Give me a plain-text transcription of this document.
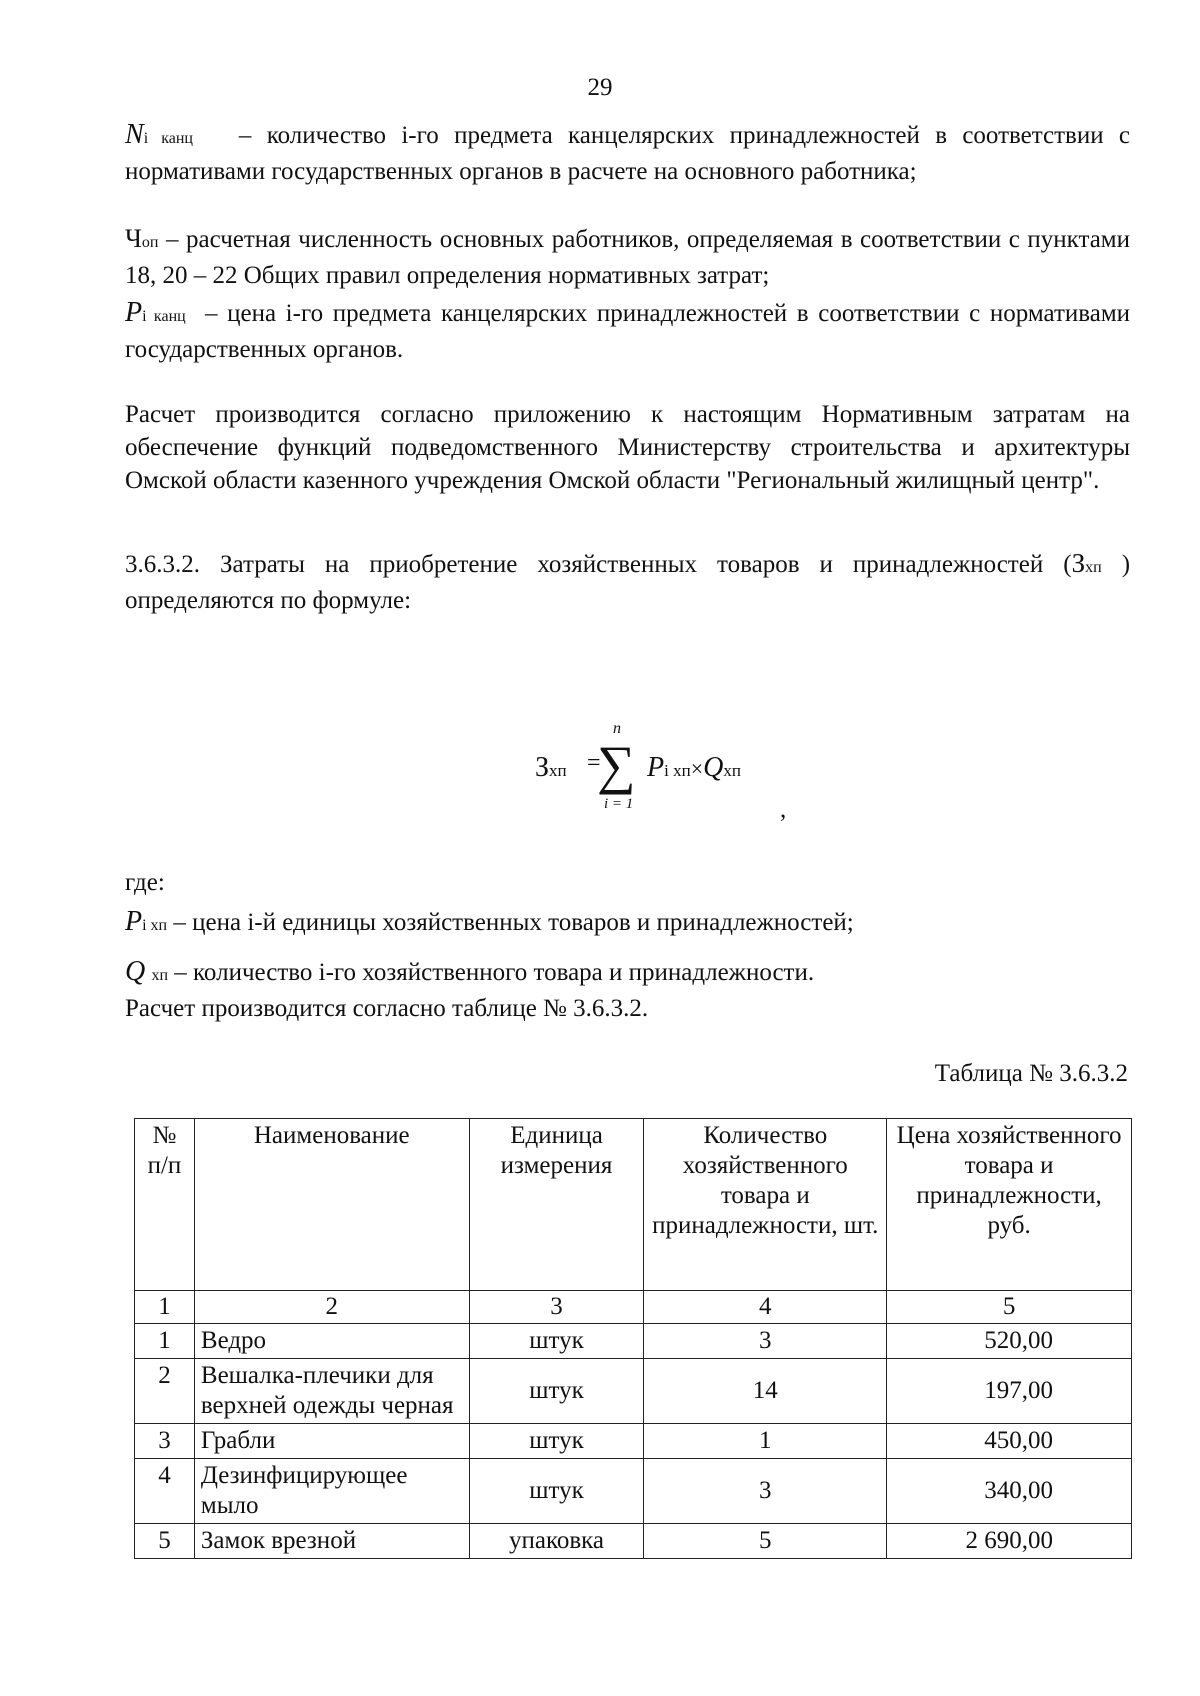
29
Ni канц – количество i-го предмета канцелярских принадлежностей в соответствии с нормативами государственных органов в расчете на основного работника;
Чоп – расчетная численность основных работников, определяемая в соответствии с пунктами 18, 20 – 22 Общих правил определения нормативных затрат;
Pi канц – цена i-го предмета канцелярских принадлежностей в соответствии с нормативами государственных органов.
Расчет производится согласно приложению к настоящим Нормативным затратам на обеспечение функций подведомственного Министерству строительства и архитектуры Омской области казенного учреждения Омской области "Региональный жилищный центр".
3.6.3.2. Затраты на приобретение хозяйственных товаров и принадлежностей (Зхп ) определяются по формуле:
Зхп =
n
∑
i = 1
Pi хп×Qхп
,
где:
Pi хп – цена i-й единицы хозяйственных товаров и принадлежностей;
Q хп – количество i-го хозяйственного товара и принадлежности.
Расчет производится согласно таблице № 3.6.3.2.
Таблица № 3.6.3.2
№ п/п	Наименование	Единица измерения	Количество хозяйственного товара и принадлежности, шт.	Цена хозяйственного товара и принадлежности, руб.
1	2	3	4	5
1	Ведро	штук	3	520,00
2	Вешалка-плечики для верхней одежды черная	штук	14	197,00
3	Грабли	штук	1	450,00
4	Дезинфицирующее мыло	штук	3	340,00
5	Замок врезной	упаковка	5	2 690,00
